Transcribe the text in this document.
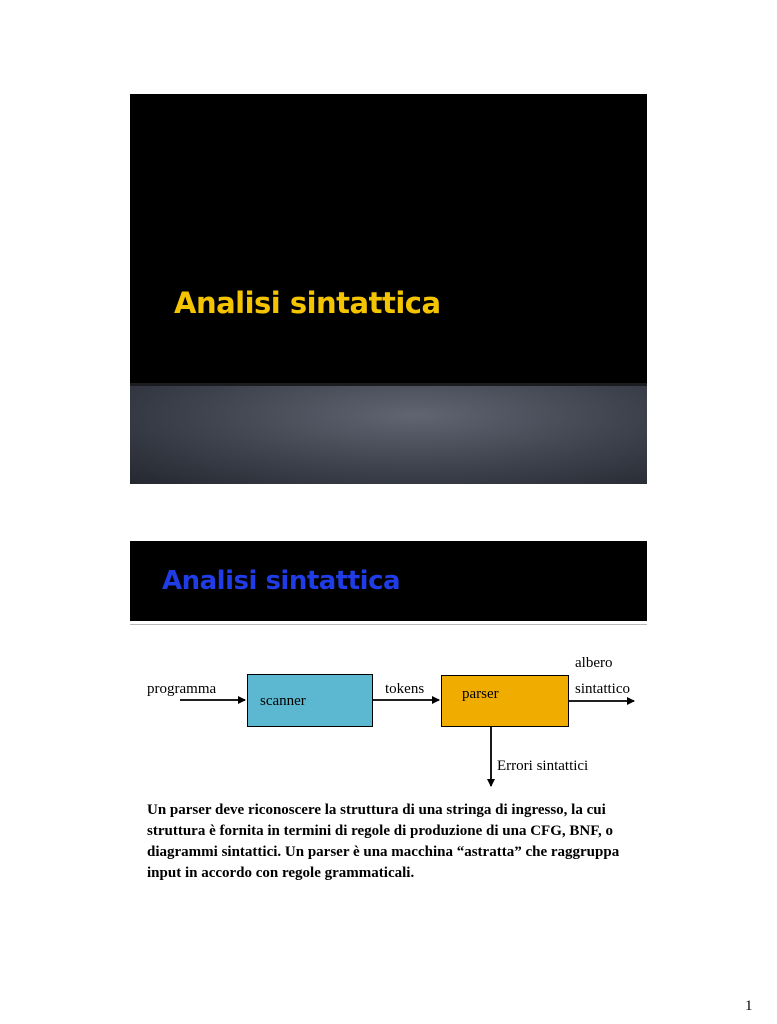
Analisi sintattica
Analisi sintattica
programma
scanner
tokens	parser
albero
sintattico
Errori sintattici

Un parser deve riconoscere la struttura di una stringa di ingresso, la cui struttura è fornita in termini di regole di produzione di una CFG, BNF, o diagrammi sintattici. Un parser è una macchina “astratta” che raggruppa input in accordo con regole grammaticali.

1
